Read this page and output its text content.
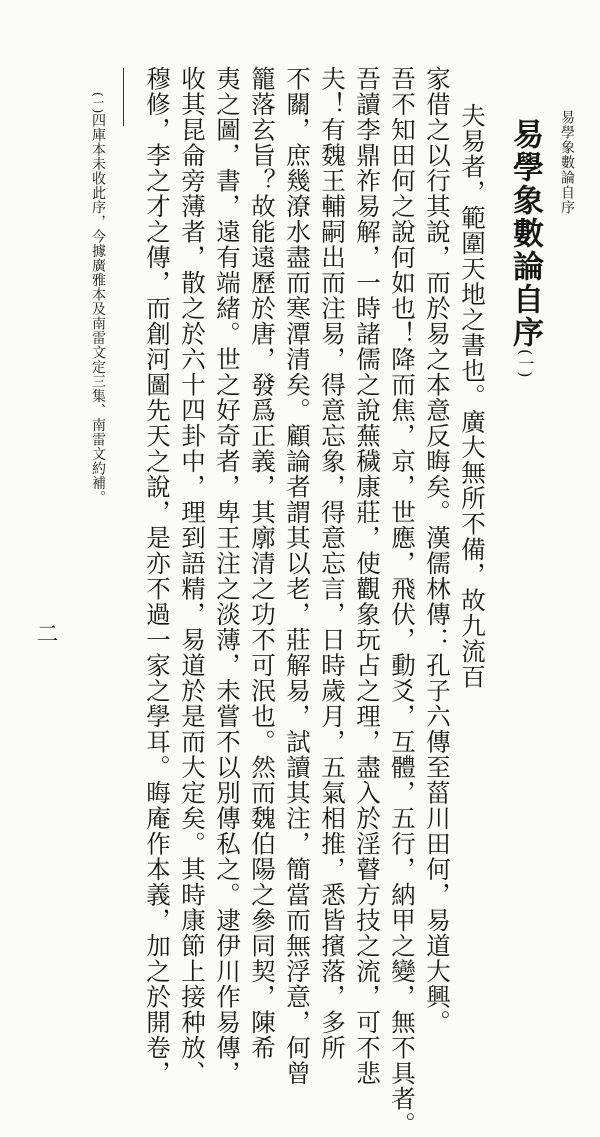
易學象數論自序
易學象數論自序(一)
夫易者，範圍天地之書也。廣大無所不備，故九流百
家借之以行其說，而於易之本意反晦矣。漢儒林傳：孔子六傳至菑川田何，易道大興。
吾不知田何之說何如也！降而焦，京，世應，飛伏，動爻，互體，五行，納甲之變，無不具者。
吾讀李鼎祚易解，一時諸儒之說蕪穢康莊，使觀象玩占之理，盡入於淫瞽方技之流，可不悲
夫！有魏王輔嗣出而注易，得意忘象，得意忘言，日時歲月，五氣相推，悉皆擯落，多所
不關，庶幾潦水盡而寒潭清矣。顧論者謂其以老，莊解易，試讀其注，簡當而無浮意，何曾
籠落玄旨？故能遠歷於唐，發爲正義，其廓清之功不可泯也。然而魏伯陽之參同契，陳希
夷之圖，書，遠有端緒。世之好奇者，卑王注之淡薄，未嘗不以別傳私之。逮伊川作易傳，
收其昆侖旁薄者，散之於六十四卦中，理到語精，易道於是而大定矣。其時康節上接种放、
穆修，李之才之傳，而創河圖先天之說，是亦不過一家之學耳。晦庵作本義，加之於開卷，
(一)四庫本未收此序，今據廣雅本及南雷文定三集、南雷文約補。
二
